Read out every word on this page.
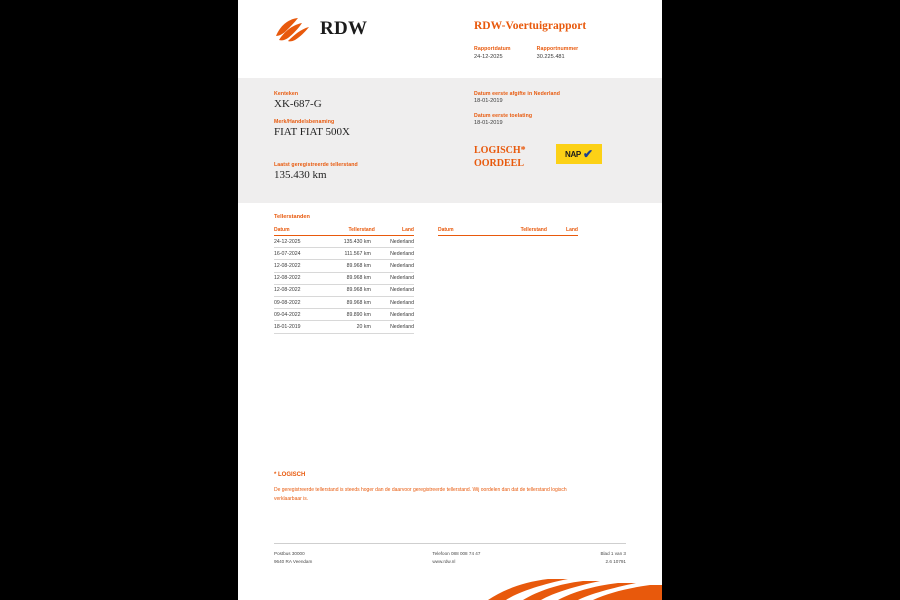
RDW	RDW-Voertuigrapport
Rapportdatum
24-12-2025
Rapportnummer
30.225.481
Kenteken
XK-687-G
Merk/Handelsbenaming
FIAT FIAT 500X
Datum eerste afgifte in Nederland
18-01-2019
Datum eerste toelating
18-01-2019
Laatst geregistreerde tellerstand
135.430 km
LOGISCH*
OORDEEL
NAP ✔
Tellerstanden
Datum	Tellerstand	Land
24-12-2025	135.430 km	Nederland
16-07-2024	111.567 km	Nederland
12-08-2022	89.968 km	Nederland
12-08-2022	89.968 km	Nederland
12-08-2022	89.968 km	Nederland
09-08-2022	89.968 km	Nederland
09-04-2022	89.890 km	Nederland
18-01-2019	20 km	Nederland
Datum	Tellerstand	Land
* LOGISCH
De geregistreerde tellerstand is steeds hoger dan de daarvoor geregistreerde tellerstand. Wij oordelen dan dat de tellerstand logisch verklaarbaar is.
Postbus 30000
9640 RA Veendam
Telefoon 088 008 74 47
www.rdw.nl
Blad 1 van 3
2.6 10791
